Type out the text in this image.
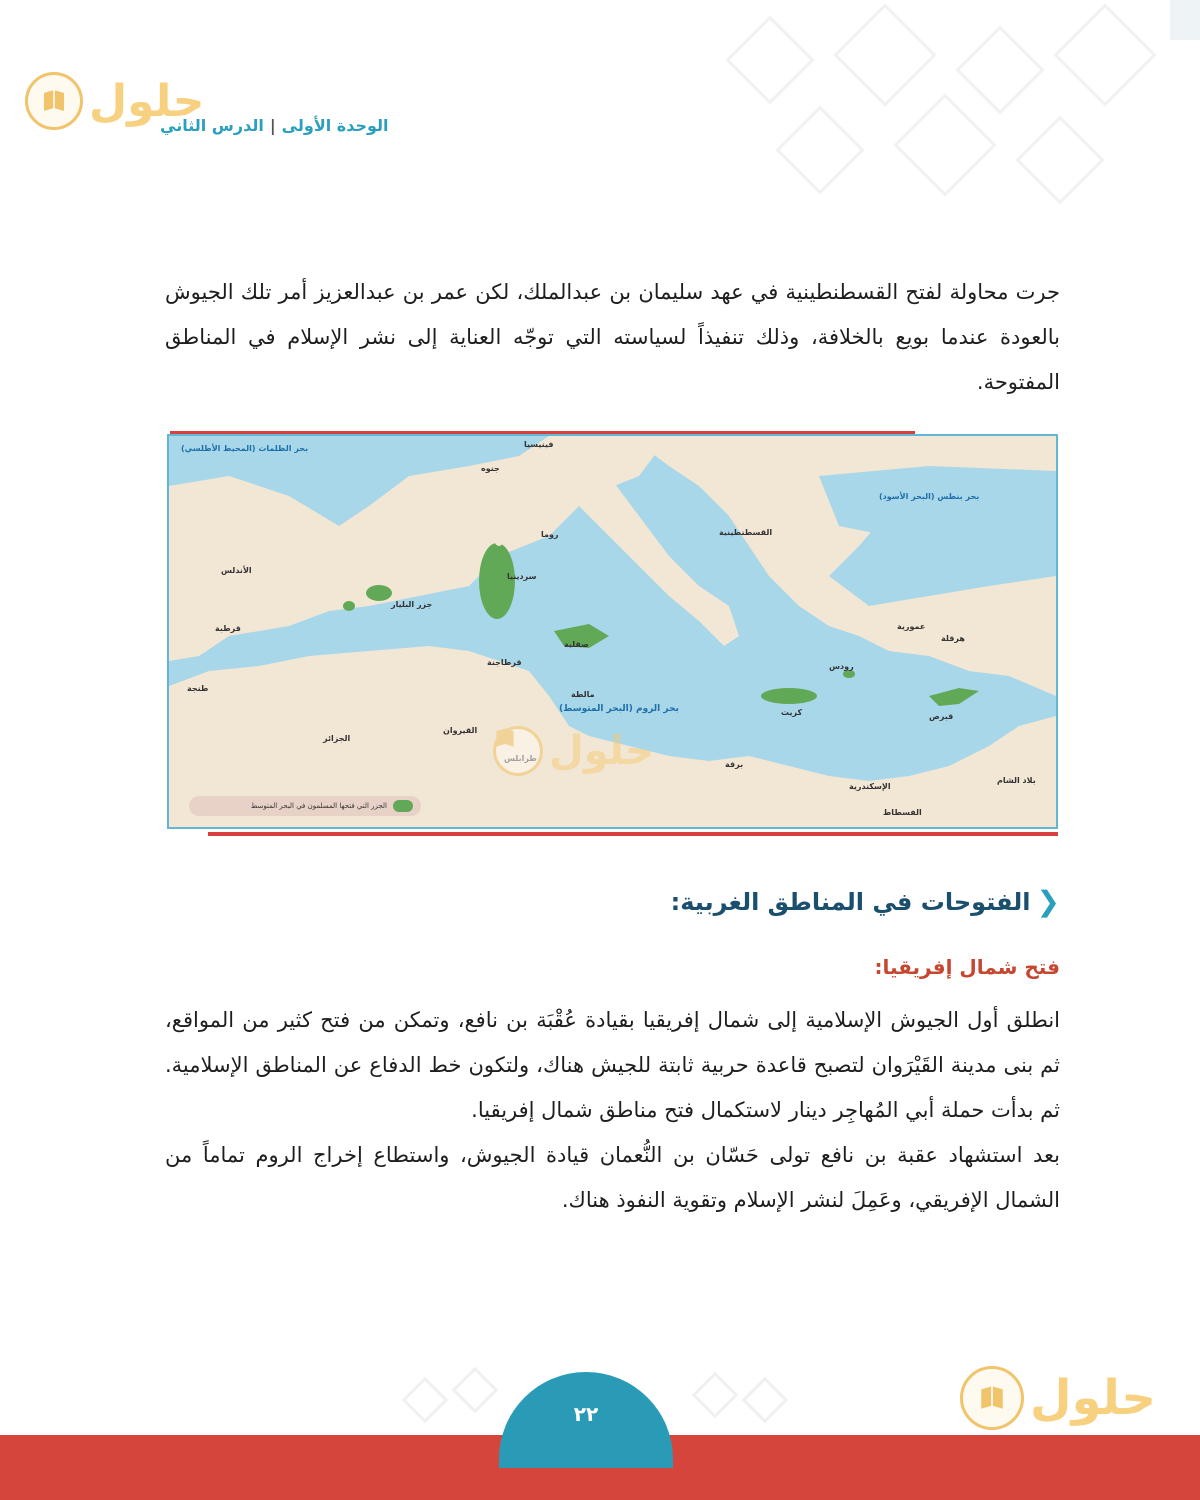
حلول	الوحدة الأولى|الدرس الثاني

جرت محاولة لفتح القسطنطينية في عهد سليمان بن عبدالملك، لكن عمر بن عبدالعزيز أمر تلك الجيوش بالعودة عندما بويع بالخلافة، وذلك تنفيذاً لسياسته التي توجّه العناية إلى نشر الإسلام في المناطق المفتوحة.

بحر الظلمات (المحيط الأطلسي)
بحر بنطس (البحر الأسود)
بحر الروم (البحر المتوسط)
فينيسيا
جنوه
روما	القسطنطينية
الأندلس
قرطبة
طنجة
جزر البليار
سردينيا
صقلية
قرطاجنة
مالطة
كريت	قبرص
رودس
عمورية
هرقلة
الجزائر
القيروان
برقة
الإسكندرية
الفسطاط
بلاد الشام
الجزر التي فتحها المسلمون في البحر المتوسط
حلول
❮
الفتوحات في المناطق الغربية:
فتح شمال إفريقيا:

انطلق أول الجيوش الإسلامية إلى شمال إفريقيا بقيادة عُقْبَة بن نافع، وتمكن من فتح كثير من المواقع، ثم بنى مدينة القَيْرَوان لتصبح قاعدة حربية ثابتة للجيش هناك، ولتكون خط الدفاع عن المناطق الإسلامية. ثم بدأت حملة أبي المُهاجِر دينار لاستكمال فتح مناطق شمال إفريقيا.

بعد استشهاد عقبة بن نافع تولى حَسّان بن النُّعمان قيادة الجيوش، واستطاع إخراج الروم تماماً من الشمال الإفريقي، وعَمِلَ لنشر الإسلام وتقوية النفوذ هناك.

حلول
٢٢
